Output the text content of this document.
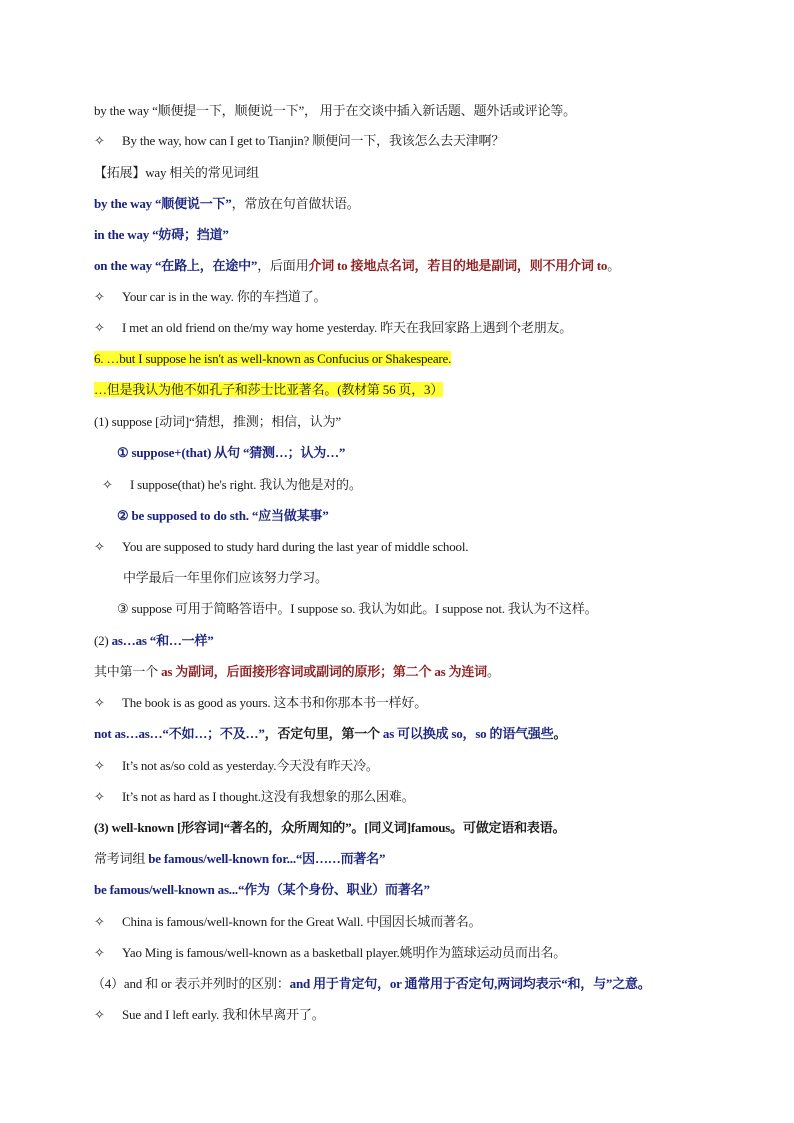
by the way “顺便提一下，顺便说一下”， 用于在交谈中插入新话题、题外话或评论等。
✧ By the way, how can I get to Tianjin? 顺便问一下，我该怎么去天津啊？
【拓展】way 相关的常见词组
by the way “顺便说一下”，常放在句首做状语。
in the way “妨碍；挡道”
on the way “在路上，在途中”，后面用介词 to 接地点名词，若目的地是副词，则不用介词 to。
✧ Your car is in the way. 你的车挡道了。
✧ I met an old friend on the/my way home yesterday. 昨天在我回家路上遇到个老朋友。
6. …but I suppose he isn't as well-known as Confucius or Shakespeare.
…但是我认为他不如孔子和莎士比亚著名。(教材第 56 页，3）
(1) suppose [动词]“猜想，推测；相信，认为”
① suppose+(that) 从句 “猜测…；认为…”
✧ I suppose(that) he's right. 我认为他是对的。
② be supposed to do sth. “应当做某事”
✧ You are supposed to study hard during the last year of middle school.
中学最后一年里你们应该努力学习。
③ suppose 可用于简略答语中。I suppose so. 我认为如此。I suppose not. 我认为不这样。
(2) as…as “和…一样”
其中第一个 as 为副词，后面接形容词或副词的原形；第二个 as 为连词。
✧ The book is as good as yours. 这本书和你那本书一样好。
not as…as…“不如…；不及…”，否定句里，第一个 as 可以换成 so，so 的语气强些。
✧ It’s not as/so cold as yesterday.今天没有昨天冷。
✧ It’s not as hard as I thought.这没有我想象的那么困难。
(3) well-known [形容词]“著名的，众所周知的”。[同义词]famous。可做定语和表语。
常考词组 be famous/well-known for...“因……而著名”
be famous/well-known as...“作为（某个身份、职业）而著名”
✧ China is famous/well-known for the Great Wall. 中国因长城而著名。
✧ Yao Ming is famous/well-known as a basketball player.姚明作为篮球运动员而出名。
（4）and 和 or 表示并列时的区别：and 用于肯定句，or 通常用于否定句,两词均表示“和，与”之意。
✧ Sue and I left early. 我和休早离开了。
